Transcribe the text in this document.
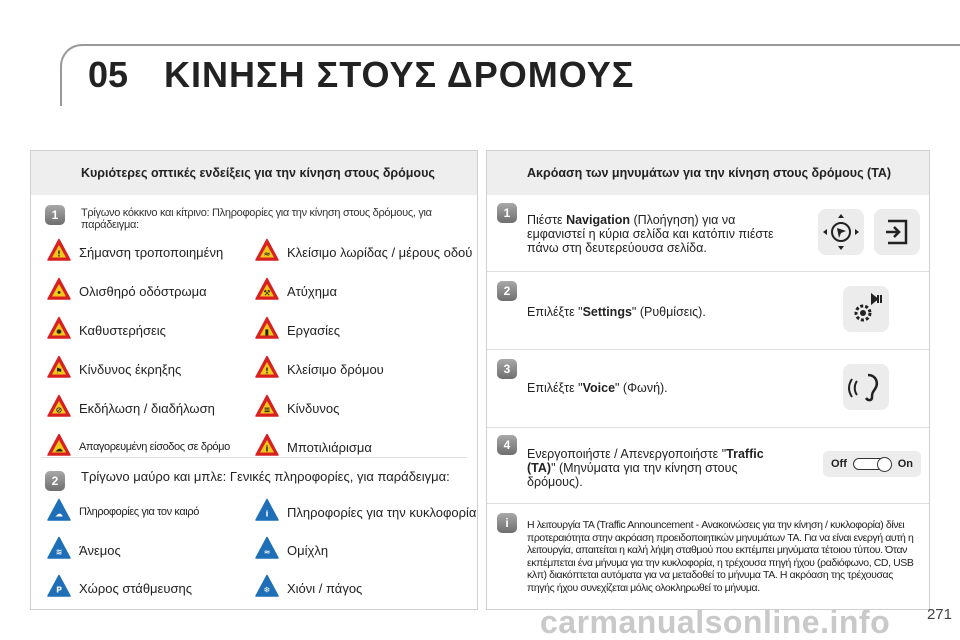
05 ΚΙΝΗΣΗ ΣΤΟΥΣ ΔΡΟΜΟΥΣ
Κυριότερες οπτικές ενδείξεις για την κίνηση στους δρόμους
1	Τρίγωνο κόκκινο και κίτρινο: Πληροφορίες για την κίνηση στους δρόμους, για παράδειγμα:
! Σήμανση τροποποιημένη	≈ Κλείσιμο λωρίδας / μέρους οδού
• Ολισθηρό οδόστρωμα	⚒ Ατύχημα
✹ Καθυστερήσεις	▮ Εργασίες
⚑ Κίνδυνος έκρηξης	! Κλείσιμο δρόμου
⊘ Εκδήλωση / διαδήλωση	≡ Κίνδυνος
☁ Απαγορευμένη είσοδος σε δρόμο	i Μποτιλιάρισμα
2	Τρίγωνο μαύρο και μπλε: Γενικές πληροφορίες, για παράδειγμα:
☁ Πληροφορίες για τον καιρό	i Πληροφορίες για την κυκλοφορία
≋ Άνεμος	≈ Ομίχλη
P Χώρος στάθμευσης	❄ Χιόνι / πάγος
Ακρόαση των μηνυμάτων για την κίνηση στους δρόμους (TA)
1	Πιέστε Navigation (Πλοήγηση) για να εμφανιστεί η κύρια σελίδα και κατόπιν πιέστε πάνω στη δευτερεύουσα σελίδα.
2
Επιλέξτε "Settings" (Ρυθμίσεις).
3
Επιλέξτε "Voice" (Φωνή).
4
Ενεργοποιήστε / Απενεργοποιήστε "Traffic (TA)" (Μηνύματα για την κίνηση στους δρόμους).
Off	On
i	Η λειτουργία TA (Traffic Announcement - Ανακοινώσεις για την κίνηση / κυκλοφορία) δίνει προτεραιότητα στην ακρόαση προειδοποιητικών μηνυμάτων TA. Για να είναι ενεργή αυτή η λειτουργία, απαιτείται η καλή λήψη σταθμού που εκπέμπει μηνύματα τέτοιου τύπου. Όταν εκπέμπεται ένα μήνυμα για την κυκλοφορία, η τρέχουσα πηγή ήχου (ραδιόφωνο, CD, USB κλπ) διακόπτεται αυτόματα για να μεταδοθεί το μήνυμα TA. Η ακρόαση της τρέχουσας πηγής ήχου συνεχίζεται μόλις ολοκληρωθεί το μήνυμα.
carmanualsonline.info 271
